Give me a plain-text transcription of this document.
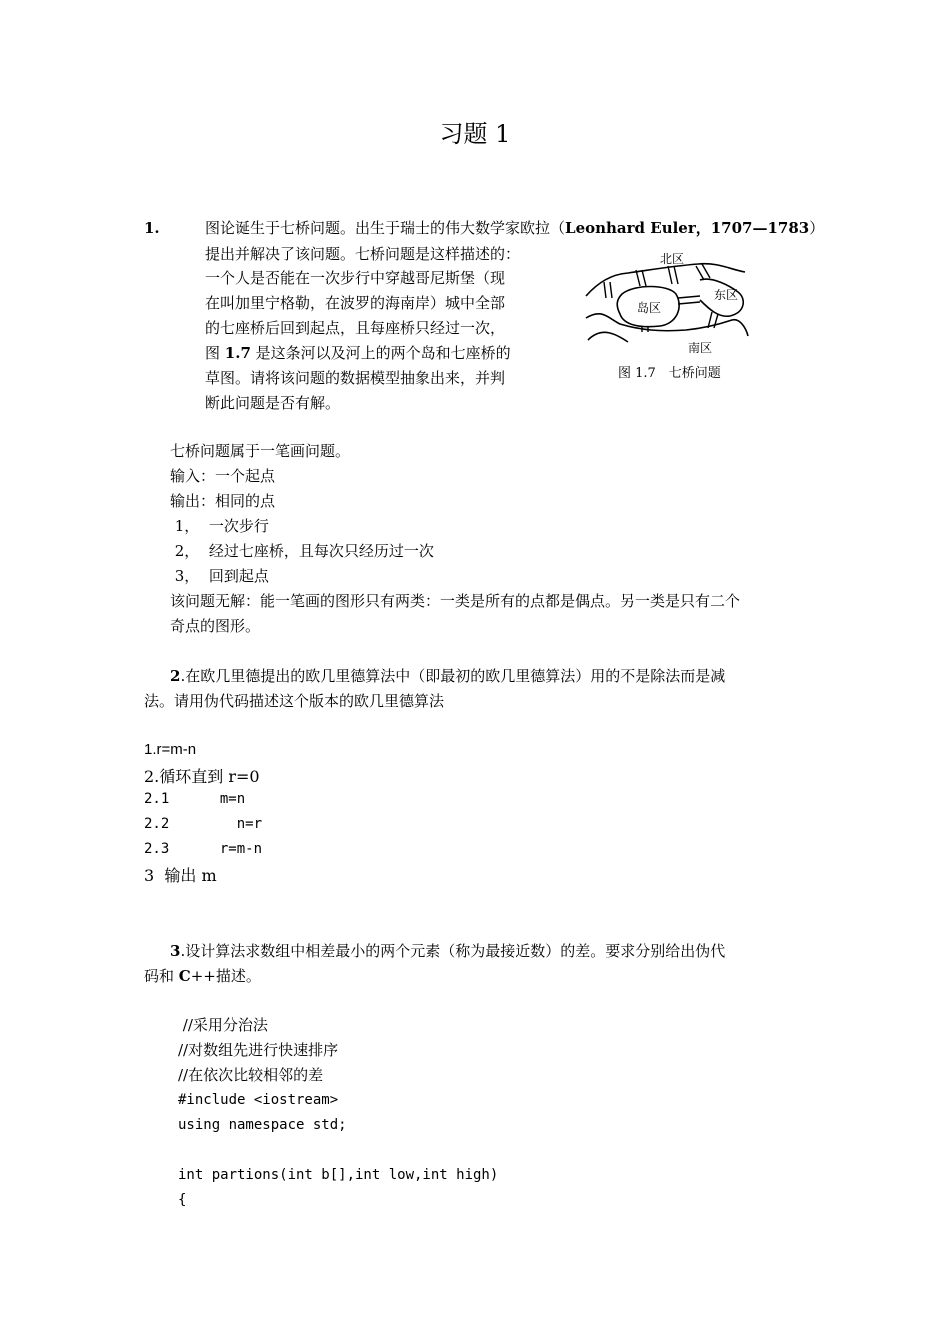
习题 1
1.	图论诞生于七桥问题。出生于瑞士的伟大数学家欧拉（Leonhard Euler，1707—1783）
提出并解决了该问题。七桥问题是这样描述的：
一个人是否能在一次步行中穿越哥尼斯堡（现
在叫加里宁格勒，在波罗的海南岸）城中全部
的七座桥后回到起点，且每座桥只经过一次，
图 1.7 是这条河以及河上的两个岛和七座桥的
草图。请将该问题的数据模型抽象出来，并判
断此问题是否有解。
北区
东区
岛区
南区
图 1.7　七桥问题
七桥问题属于一笔画问题。
输入：一个起点
输出：相同的点
1，  一次步行
2，  经过七座桥，且每次只经历过一次
3，  回到起点
该问题无解：能一笔画的图形只有两类：一类是所有的点都是偶点。另一类是只有二个
奇点的图形。
2.在欧几里德提出的欧几里德算法中（即最初的欧几里德算法）用的不是除法而是减
法。请用伪代码描述这个版本的欧几里德算法
1.r=m-n
2.循环直到 r=0
2.1      m=n
2.2        n=r
2.3      r=m-n
3  输出 m
3.设计算法求数组中相差最小的两个元素（称为最接近数）的差。要求分别给出伪代
码和 C++描述。
//采用分治法
//对数组先进行快速排序
//在依次比较相邻的差
#include <iostream>
using namespace std;
int partions(int b[],int low,int high)
{
